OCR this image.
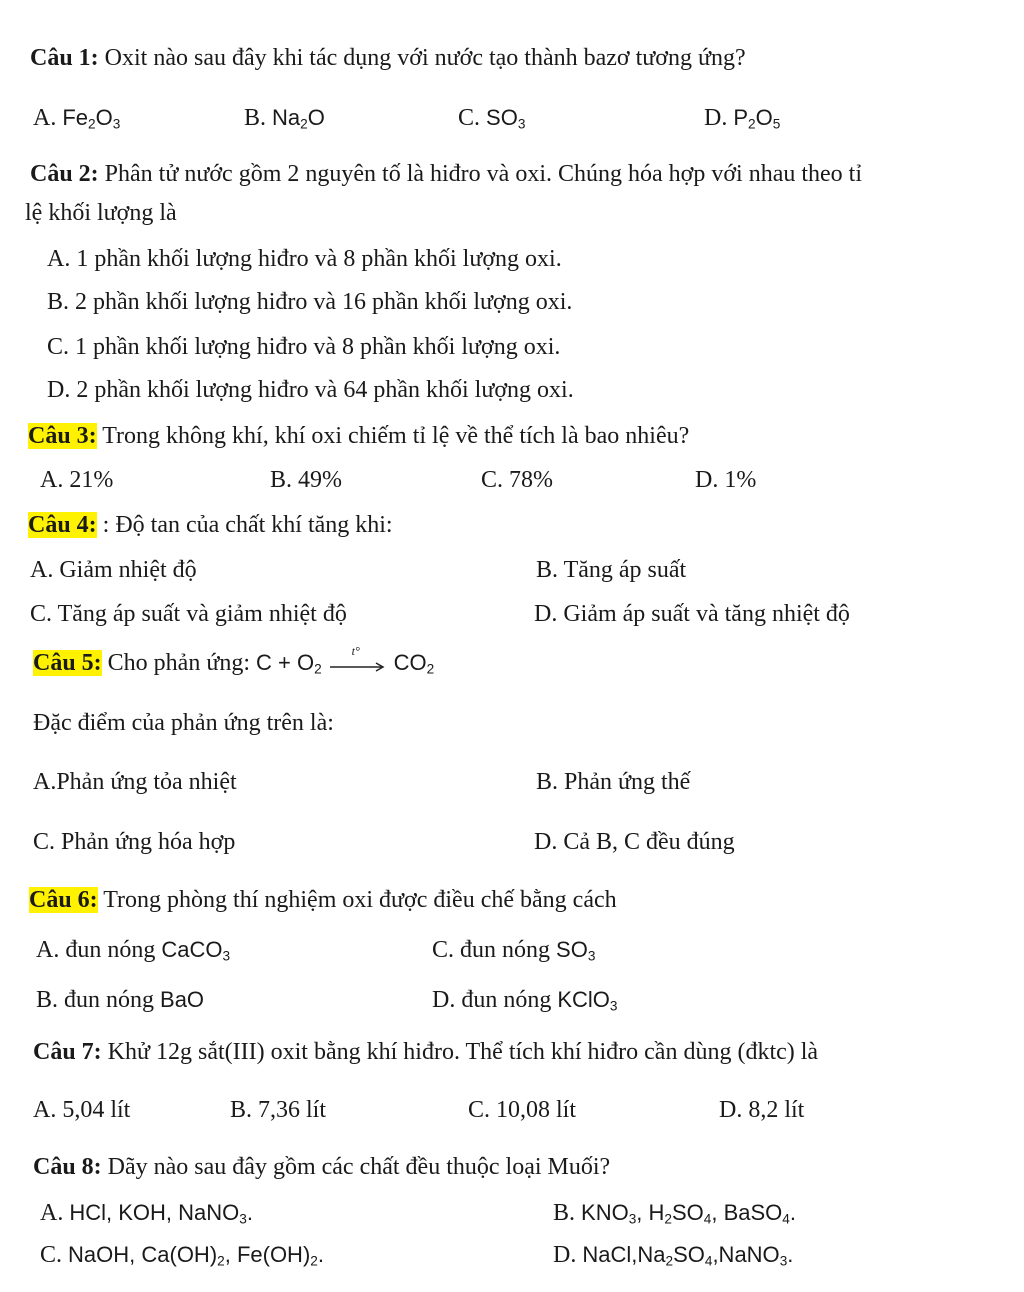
Câu 1: Oxit nào sau đây khi tác dụng với nước tạo thành bazơ tương ứng?
A. $Fe_2O_3$	B. $Na_2O$	C. $SO_3$	D. $P_2O_5$
Câu 2: Phân tử nước gồm 2 nguyên tố là hiđro và oxi. Chúng hóa hợp với nhau theo tỉ
lệ khối lượng là
A. 1 phần khối lượng hiđro và 8 phần khối lượng oxi.
B. 2 phần khối lượng hiđro và 16 phần khối lượng oxi.
C. 1 phần khối lượng hiđro và 8 phần khối lượng oxi.
D. 2 phần khối lượng hiđro và 64 phần khối lượng oxi.
Câu 3: Trong không khí, khí oxi chiếm tỉ lệ về thể tích là bao nhiêu?
A. 21%	B. 49%	C. 78%	D. 1%
Câu 4: : Độ tan của chất khí tăng khi:
A. Giảm nhiệt độ	B. Tăng áp suất
C. Tăng áp suất và giảm nhiệt độ	D. Giảm áp suất và tăng nhiệt độ
Câu 5: Cho phản ứng: $C + O_2$
t° $CO_2$
Đặc điểm của phản ứng trên là:
A.Phản ứng tỏa nhiệt	B. Phản ứng thế
C. Phản ứng hóa hợp	D. Cả B, C đều đúng
Câu 6: Trong phòng thí nghiệm oxi được điều chế bằng cách
A. đun nóng CaCO$_3$	C. đun nóng $SO_3$
B. đun nóng BaO	D. đun nóng KClO$_3$
Câu 7: Khử 12g sắt(III) oxit bằng khí hiđro. Thể tích khí hiđro cần dùng (đktc) là
A. 5,04 lít	B. 7,36 lít	C. 10,08 lít	D. 8,2 lít
Câu 8: Dãy nào sau đây gồm các chất đều thuộc loại Muối?
A. HCl, KOH, NaNO$_3$.	B. $KNO_3$, $H_2SO_4$, BaSO$_4$.
C. NaOH, $Ca(OH)_2$, $Fe(OH)_2$.	D. $NaCl,Na_2SO_4,NaNO_3$.
